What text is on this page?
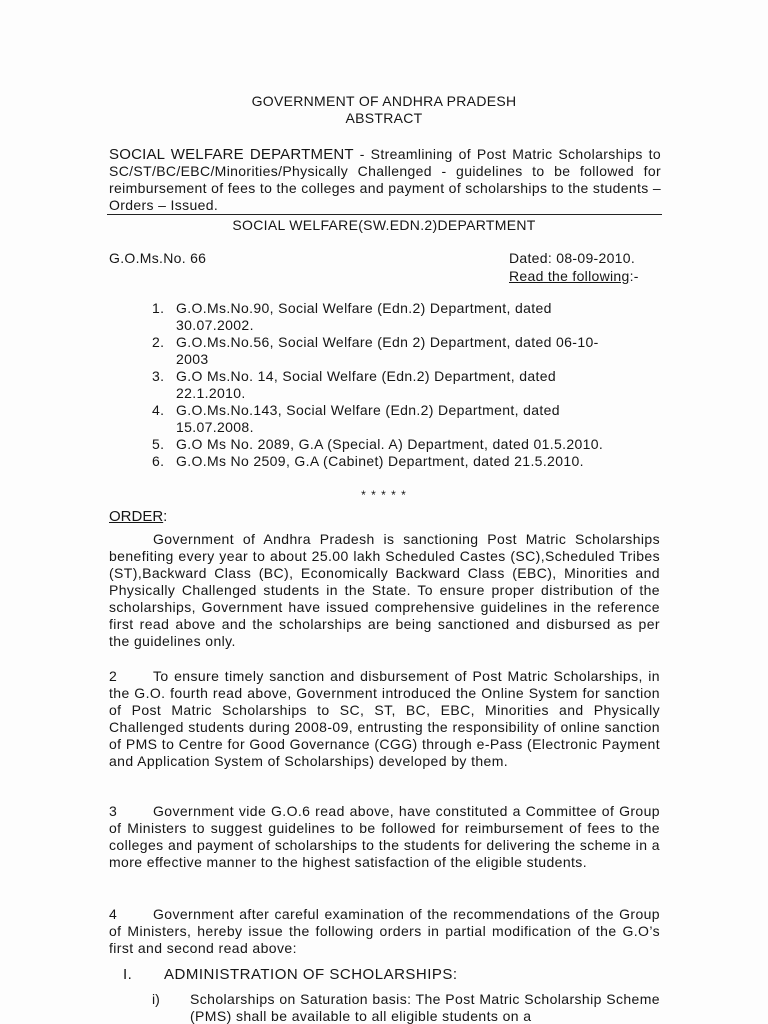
GOVERNMENT OF ANDHRA PRADESH
ABSTRACT
SOCIAL WELFARE DEPARTMENT - Streamlining of Post Matric Scholarships to SC/ST/BC/EBC/Minorities/Physically Challenged - guidelines to be followed for reimbursement of fees to the colleges and payment of scholarships to the students – Orders – Issued.
SOCIAL WELFARE(SW.EDN.2)DEPARTMENT
G.O.Ms.No. 66	Dated: 08-09-2010.
Read the following:-
1. G.O.Ms.No.90, Social Welfare (Edn.2) Department, dated 30.07.2002.
2. G.O.Ms.No.56, Social Welfare (Edn 2) Department, dated 06-10-2003
3. G.O Ms.No. 14, Social Welfare (Edn.2) Department, dated 22.1.2010.
4. G.O.Ms.No.143, Social Welfare (Edn.2) Department, dated 15.07.2008.
5. G.O Ms No. 2089, G.A (Special. A) Department, dated 01.5.2010.
6. G.O.Ms No 2509, G.A (Cabinet) Department, dated 21.5.2010.
* * * * *
ORDER:
Government of Andhra Pradesh is sanctioning Post Matric Scholarships benefiting every year to about 25.00 lakh Scheduled Castes (SC),Scheduled Tribes (ST),Backward Class (BC), Economically Backward Class (EBC), Minorities and Physically Challenged students in the State. To ensure proper distribution of the scholarships, Government have issued comprehensive guidelines in the reference first read above and the scholarships are being sanctioned and disbursed as per the guidelines only.
2	To ensure timely sanction and disbursement of Post Matric Scholarships, in the G.O. fourth read above, Government introduced the Online System for sanction of Post Matric Scholarships to SC, ST, BC, EBC, Minorities and Physically Challenged students during 2008-09, entrusting the responsibility of online sanction of PMS to Centre for Good Governance (CGG) through e-Pass (Electronic Payment and Application System of Scholarships) developed by them.
3	Government vide G.O.6 read above, have constituted a Committee of Group of Ministers to suggest guidelines to be followed for reimbursement of fees to the colleges and payment of scholarships to the students for delivering the scheme in a more effective manner to the highest satisfaction of the eligible students.
4	Government after careful examination of the recommendations of the Group of Ministers, hereby issue the following orders in partial modification of the G.O’s first and second read above:
I. ADMINISTRATION OF SCHOLARSHIPS:
i) Scholarships on Saturation basis: The Post Matric Scholarship Scheme (PMS) shall be available to all eligible students on a
